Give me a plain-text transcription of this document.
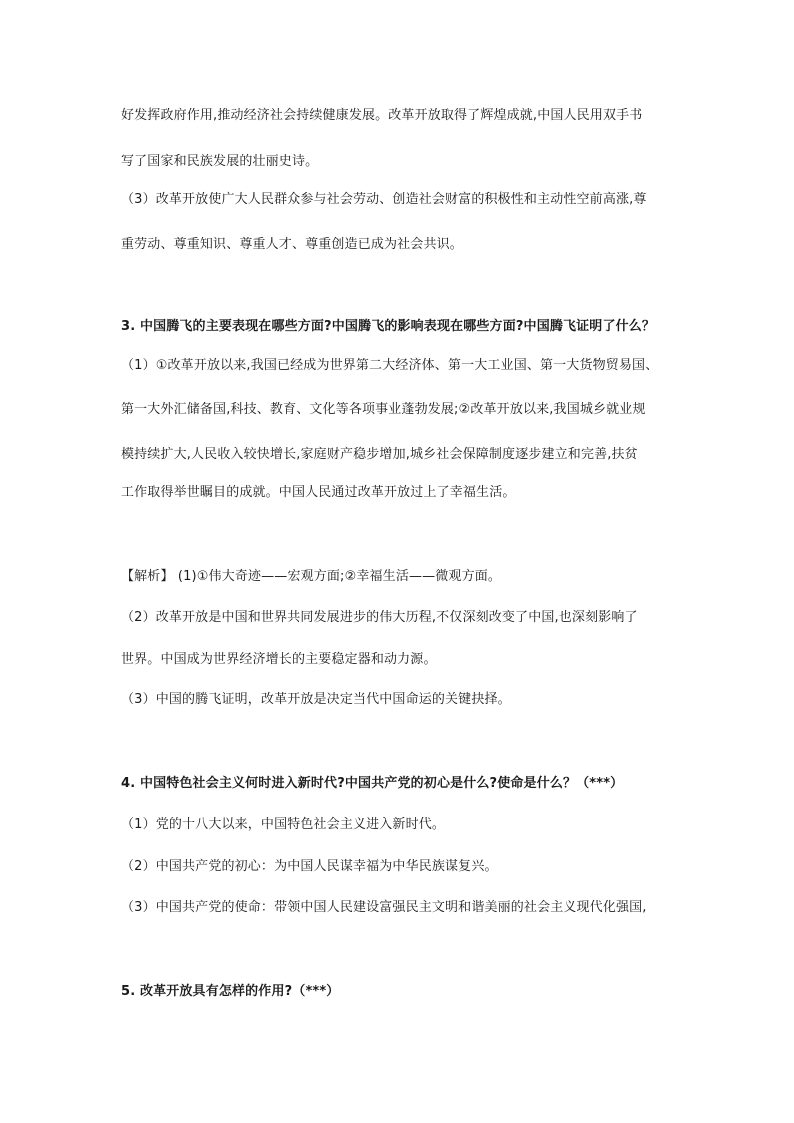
好发挥政府作用,推动经济社会持续健康发展。改革开放取得了辉煌成就,中国人民用双手书
写了国家和民族发展的壮丽史诗。
（3）改革开放使广大人民群众参与社会劳动、创造社会财富的积极性和主动性空前高涨,尊
重劳动、尊重知识、尊重人才、尊重创造已成为社会共识。
3. 中国腾飞的主要表现在哪些方面?中国腾飞的影响表现在哪些方面?中国腾飞证明了什么？
（1）①改革开放以来,我国已经成为世界第二大经济体、第一大工业国、第一大货物贸易国、
第一大外汇储备国,科技、教育、文化等各项事业蓬勃发展;②改革开放以来,我国城乡就业规
模持续扩大,人民收入较快增长,家庭财产稳步增加,城乡社会保障制度逐步建立和完善,扶贫
工作取得举世瞩目的成就。中国人民通过改革开放过上了幸福生活。
【解析】 (1)①伟大奇迹——宏观方面;②幸福生活——微观方面。
（2）改革开放是中国和世界共同发展进步的伟大历程,不仅深刻改变了中国,也深刻影响了
世界。中国成为世界经济增长的主要稳定器和动力源。
（3）中国的腾飞证明，改革开放是决定当代中国命运的关键抉择。
4. 中国特色社会主义何时进入新时代?中国共产党的初心是什么?使命是什么？（***）
（1）党的十八大以来，中国特色社会主义进入新时代。
（2）中国共产党的初心：为中国人民谋幸福为中华民族谋复兴。
（3）中国共产党的使命：带领中国人民建设富强民主文明和谐美丽的社会主义现代化强国,
5. 改革开放具有怎样的作用?（***）
